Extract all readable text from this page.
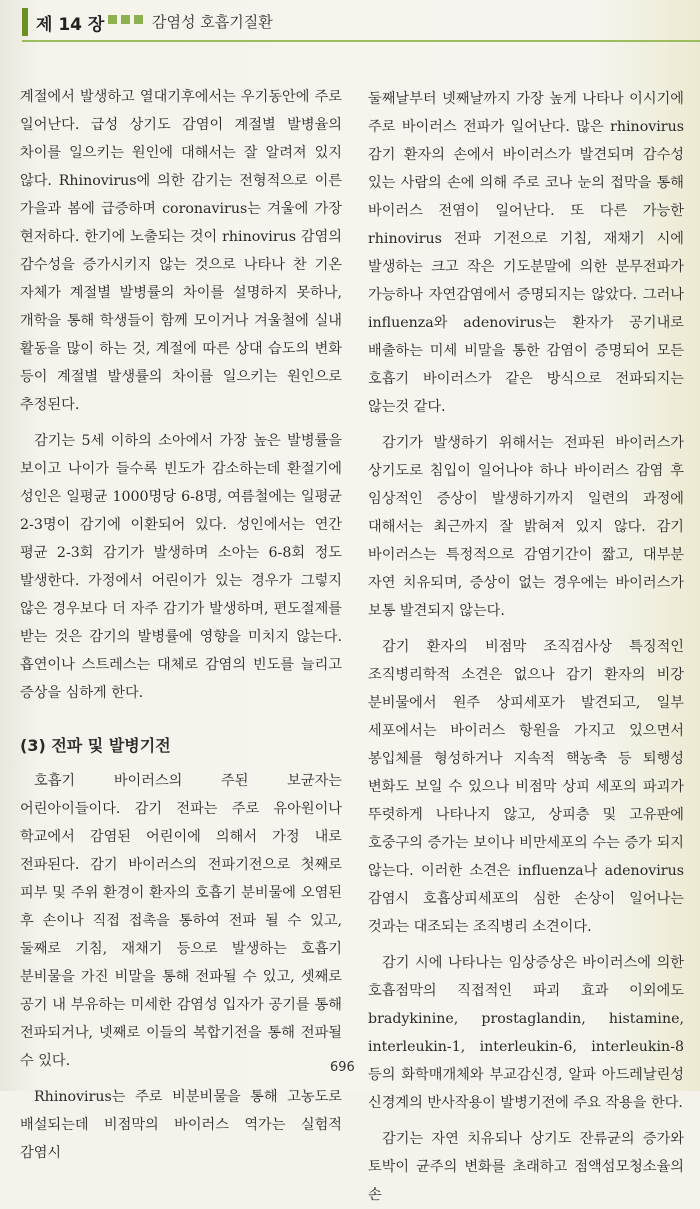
제 14 장	감염성 호흡기질환

계절에서 발생하고 열대기후에서는 우기동안에 주로 일어난다. 급성 상기도 감염이 계절별 발병율의 차이를 일으키는 원인에 대해서는 잘 알려져 있지 않다. Rhinovirus에 의한 감기는 전형적으로 이른 가을과 봄에 급증하며 coronavirus는 겨울에 가장 현저하다. 한기에 노출되는 것이 rhinovirus 감염의 감수성을 증가시키지 않는 것으로 나타나 찬 기온 자체가 계절별 발병률의 차이를 설명하지 못하나, 개학을 통해 학생들이 함께 모이거나 겨울철에 실내 활동을 많이 하는 것, 계절에 따른 상대 습도의 변화 등이 계절별 발생률의 차이를 일으키는 원인으로 추정된다.

감기는 5세 이하의 소아에서 가장 높은 발병률을 보이고 나이가 들수록 빈도가 감소하는데 환절기에 성인은 일평균 1000명당 6-8명, 여름철에는 일평균 2-3명이 감기에 이환되어 있다. 성인에서는 연간 평균 2-3회 감기가 발생하며 소아는 6-8회 정도 발생한다. 가정에서 어린이가 있는 경우가 그렇지 않은 경우보다 더 자주 감기가 발생하며, 편도절제를 받는 것은 감기의 발병률에 영향을 미치지 않는다. 흡연이나 스트레스는 대체로 감염의 빈도를 늘리고 증상을 심하게 한다.

(3) 전파 및 발병기전

호흡기 바이러스의 주된 보균자는 어린아이들이다. 감기 전파는 주로 유아원이나 학교에서 감염된 어린이에 의해서 가정 내로 전파된다. 감기 바이러스의 전파기전으로 첫째로 피부 및 주위 환경이 환자의 호흡기 분비물에 오염된 후 손이나 직접 접촉을 통하여 전파 될 수 있고, 둘째로 기침, 재채기 등으로 발생하는 호흡기 분비물을 가진 비말을 통해 전파될 수 있고, 셋째로 공기 내 부유하는 미세한 감염성 입자가 공기를 통해 전파되거나, 넷째로 이들의 복합기전을 통해 전파될 수 있다.

Rhinovirus는 주로 비분비물을 통해 고농도로 배설되는데 비점막의 바이러스 역가는 실험적 감염시

둘째날부터 넷째날까지 가장 높게 나타나 이시기에 주로 바이러스 전파가 일어난다. 많은 rhinovirus 감기 환자의 손에서 바이러스가 발견되며 감수성 있는 사람의 손에 의해 주로 코나 눈의 접막을 통해 바이러스 전염이 일어난다. 또 다른 가능한 rhinovirus 전파 기전으로 기침, 재채기 시에 발생하는 크고 작은 기도분말에 의한 분무전파가 가능하나 자연감염에서 증명되지는 않았다. 그러나 influenza와 adenovirus는 환자가 공기내로 배출하는 미세 비말을 통한 감염이 증명되어 모든 호흡기 바이러스가 같은 방식으로 전파되지는 않는것 같다.

감기가 발생하기 위해서는 전파된 바이러스가 상기도로 침입이 일어나야 하나 바이러스 감염 후 임상적인 증상이 발생하기까지 일련의 과정에 대해서는 최근까지 잘 밝혀져 있지 않다. 감기 바이러스는 특정적으로 감염기간이 짧고, 대부분 자연 치유되며, 증상이 없는 경우에는 바이러스가 보통 발견되지 않는다.

감기 환자의 비점막 조직검사상 특징적인 조직병리학적 소견은 없으나 감기 환자의 비강 분비물에서 원주 상피세포가 발견되고, 일부 세포에서는 바이러스 항원을 가지고 있으면서 봉입체를 형성하거나 지속적 핵농축 등 퇴행성 변화도 보일 수 있으나 비점막 상피 세포의 파괴가 뚜렷하게 나타나지 않고, 상피층 및 고유판에 호중구의 증가는 보이나 비만세포의 수는 증가 되지 않는다. 이러한 소견은 influenza나 adenovirus 감염시 호흡상피세포의 심한 손상이 일어나는 것과는 대조되는 조직병리 소견이다.

감기 시에 나타나는 임상증상은 바이러스에 의한 호흡점막의 직접적인 파괴 효과 이외에도 bradykinine, prostaglandin, histamine, interleukin-1, interleukin-6, interleukin-8 등의 화학매개체와 부교감신경, 알파 아드레날린성 신경계의 반사작용이 발병기전에 주요 작용을 한다.

감기는 자연 치유되나 상기도 잔류균의 증가와 토박이 균주의 변화를 초래하고 점액섬모청소율의 손

696
